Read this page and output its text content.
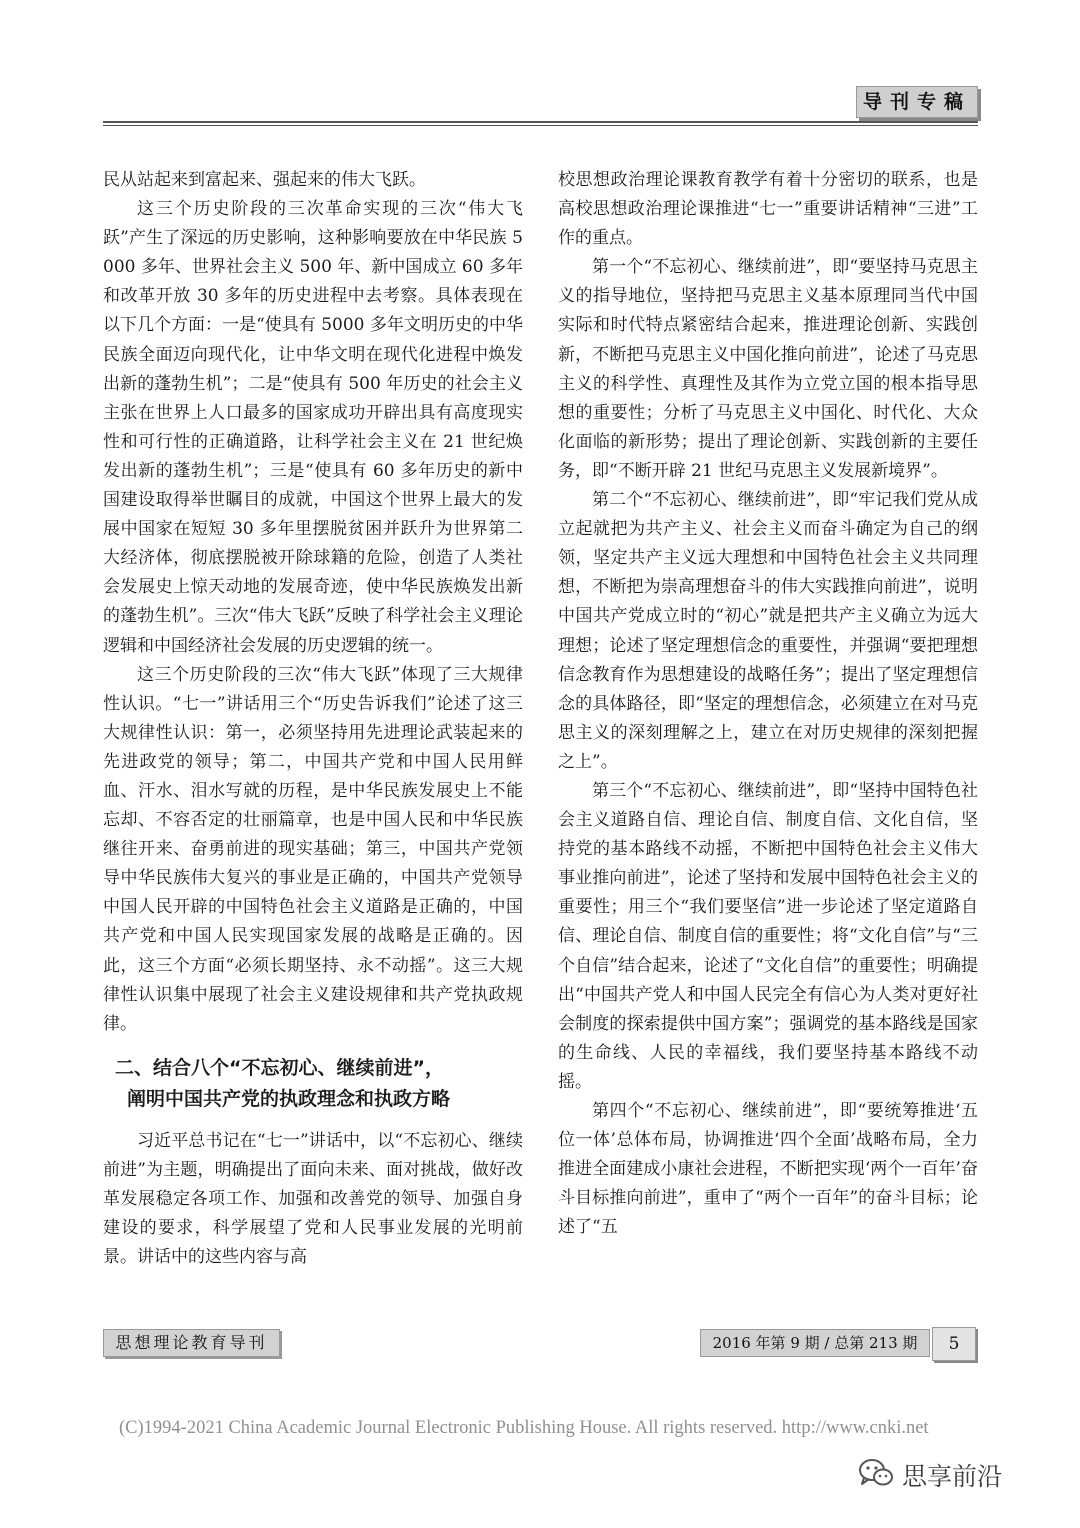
导刊专稿

民从站起来到富起来、强起来的伟大飞跃。

这三个历史阶段的三次革命实现的三次“伟大飞跃”产生了深远的历史影响，这种影响要放在中华民族 5000 多年、世界社会主义 500 年、新中国成立 60 多年和改革开放 30 多年的历史进程中去考察。具体表现在以下几个方面：一是“使具有 5000 多年文明历史的中华民族全面迈向现代化，让中华文明在现代化进程中焕发出新的蓬勃生机”；二是“使具有 500 年历史的社会主义主张在世界上人口最多的国家成功开辟出具有高度现实性和可行性的正确道路，让科学社会主义在 21 世纪焕发出新的蓬勃生机”；三是“使具有 60 多年历史的新中国建设取得举世瞩目的成就，中国这个世界上最大的发展中国家在短短 30 多年里摆脱贫困并跃升为世界第二大经济体，彻底摆脱被开除球籍的危险，创造了人类社会发展史上惊天动地的发展奇迹，使中华民族焕发出新的蓬勃生机”。三次“伟大飞跃”反映了科学社会主义理论逻辑和中国经济社会发展的历史逻辑的统一。

这三个历史阶段的三次“伟大飞跃”体现了三大规律性认识。“七一”讲话用三个“历史告诉我们”论述了这三大规律性认识：第一，必须坚持用先进理论武装起来的先进政党的领导；第二，中国共产党和中国人民用鲜血、汗水、泪水写就的历程，是中华民族发展史上不能忘却、不容否定的壮丽篇章，也是中国人民和中华民族继往开来、奋勇前进的现实基础；第三，中国共产党领导中华民族伟大复兴的事业是正确的，中国共产党领导中国人民开辟的中国特色社会主义道路是正确的，中国共产党和中国人民实现国家发展的战略是正确的。因此，这三个方面“必须长期坚持、永不动摇”。这三大规律性认识集中展现了社会主义建设规律和共产党执政规律。

二、结合八个“不忘初心、继续前进”，
阐明中国共产党的执政理念和执政方略

习近平总书记在“七一”讲话中，以“不忘初心、继续前进”为主题，明确提出了面向未来、面对挑战，做好改革发展稳定各项工作、加强和改善党的领导、加强自身建设的要求，科学展望了党和人民事业发展的光明前景。讲话中的这些内容与高

校思想政治理论课教育教学有着十分密切的联系，也是高校思想政治理论课推进“七一”重要讲话精神“三进”工作的重点。

第一个“不忘初心、继续前进”，即“要坚持马克思主义的指导地位，坚持把马克思主义基本原理同当代中国实际和时代特点紧密结合起来，推进理论创新、实践创新，不断把马克思主义中国化推向前进”，论述了马克思主义的科学性、真理性及其作为立党立国的根本指导思想的重要性；分析了马克思主义中国化、时代化、大众化面临的新形势；提出了理论创新、实践创新的主要任务，即“不断开辟 21 世纪马克思主义发展新境界”。

第二个“不忘初心、继续前进”，即“牢记我们党从成立起就把为共产主义、社会主义而奋斗确定为自己的纲领，坚定共产主义远大理想和中国特色社会主义共同理想，不断把为崇高理想奋斗的伟大实践推向前进”，说明中国共产党成立时的“初心”就是把共产主义确立为远大理想；论述了坚定理想信念的重要性，并强调“要把理想信念教育作为思想建设的战略任务”；提出了坚定理想信念的具体路径，即“坚定的理想信念，必须建立在对马克思主义的深刻理解之上，建立在对历史规律的深刻把握之上”。

第三个“不忘初心、继续前进”，即“坚持中国特色社会主义道路自信、理论自信、制度自信、文化自信，坚持党的基本路线不动摇，不断把中国特色社会主义伟大事业推向前进”，论述了坚持和发展中国特色社会主义的重要性；用三个“我们要坚信”进一步论述了坚定道路自信、理论自信、制度自信的重要性；将“文化自信”与“三个自信”结合起来，论述了“文化自信”的重要性；明确提出“中国共产党人和中国人民完全有信心为人类对更好社会制度的探索提供中国方案”；强调党的基本路线是国家的生命线、人民的幸福线，我们要坚持基本路线不动摇。

第四个“不忘初心、继续前进”，即“要统筹推进‘五位一体’总体布局，协调推进‘四个全面’战略布局，全力推进全面建成小康社会进程，不断把实现‘两个一百年’奋斗目标推向前进”，重申了“两个一百年”的奋斗目标；论述了“五

思想理论教育导刊	2016 年第 9 期 / 总第 213 期	5
(C)1994-2021 China Academic Journal Electronic Publishing House. All rights reserved. http://www.cnki.net
思享前沿
